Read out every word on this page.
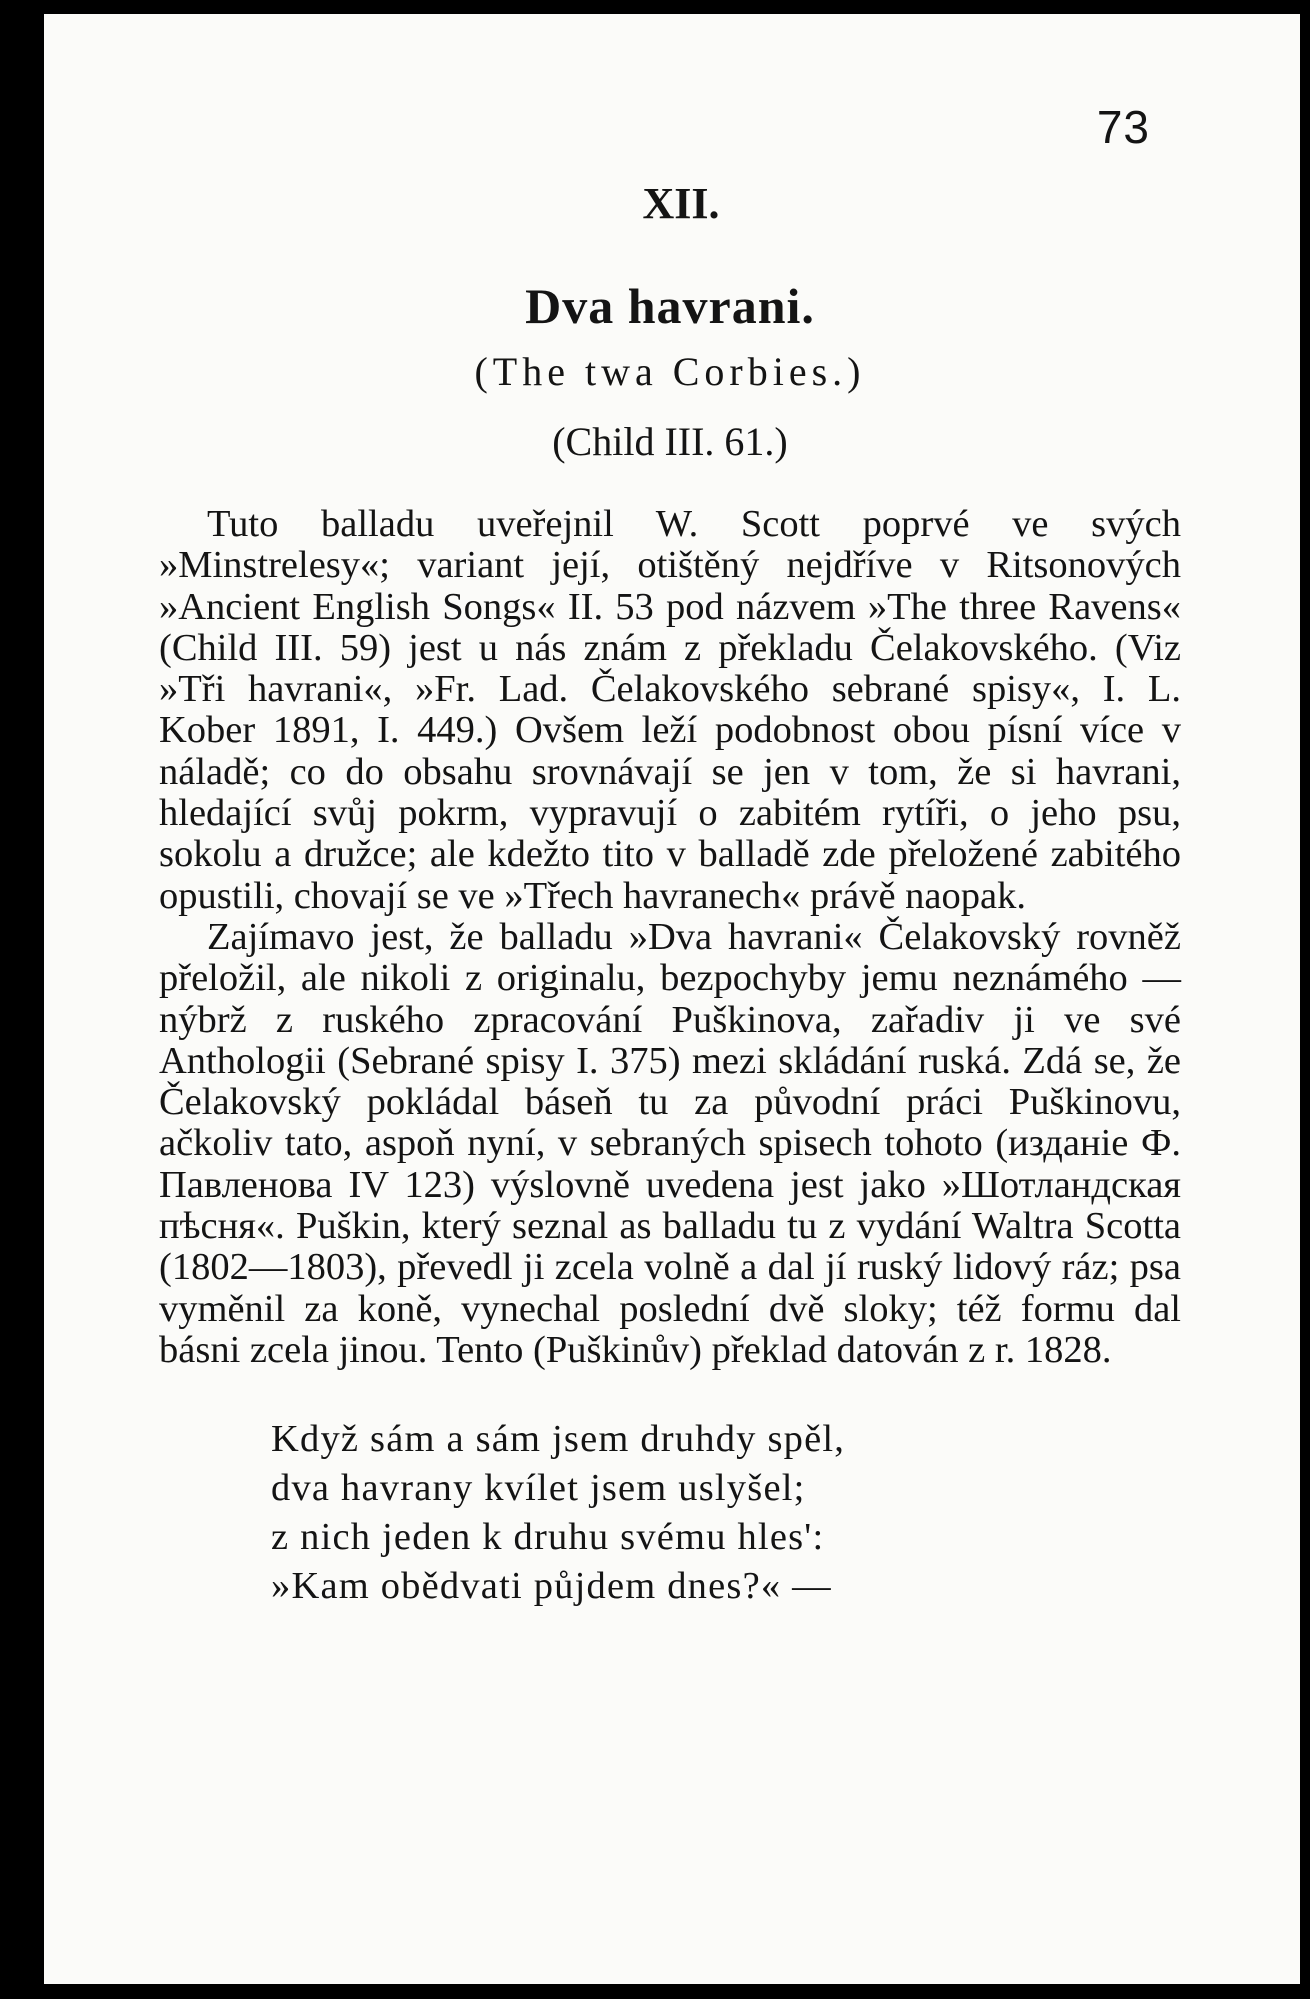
73
XII.
Dva havrani.
(The twa Corbies.)
(Child III. 61.)

Tuto balladu uveřejnil W. Scott poprvé ve svých »Minstrelesy«; variant její, otištěný nejdříve v Ritsonových »Ancient English Songs« II. 53 pod názvem »The three Ravens« (Child III. 59) jest u nás znám z překladu Čelakovského. (Viz »Tři havrani«, »Fr. Lad. Čelakovského sebrané spisy«, I. L. Kober 1891, I. 449.) Ovšem leží podobnost obou písní více v náladě; co do obsahu srovnávají se jen v tom, že si havrani, hledající svůj pokrm, vypravují o zabitém rytíři, o jeho psu, sokolu a družce; ale kdežto tito v balladě zde přeložené zabitého opustili, chovají se ve »Třech havranech« právě naopak.

Zajímavo jest, že balladu »Dva havrani« Čelakovský rovněž přeložil, ale nikoli z originalu, bezpochyby jemu neznámého — nýbrž z ruského zpracování Puškinova, zařadiv ji ve své Anthologii (Sebrané spisy I. 375) mezi skládání ruská. Zdá se, že Čelakovský pokládal báseň tu za původní práci Puškinovu, ačkoliv tato, aspoň nyní, v sebraných spisech tohoto (изданіе Ф. Павленова IV 123) výslovně uvedena jest jako »Шотландская пѣсня«. Puškin, který seznal as balladu tu z vydání Waltra Scotta (1802—1803), převedl ji zcela volně a dal jí ruský lidový ráz; psa vyměnil za koně, vynechal poslední dvě sloky; též formu dal básni zcela jinou. Tento (Puškinův) překlad datován z r. 1828.

Když sám a sám jsem druhdy spěl,
dva havrany kvílet jsem uslyšel;
z nich jeden k druhu svému hles':
»Kam obědvati půjdem dnes?« —
